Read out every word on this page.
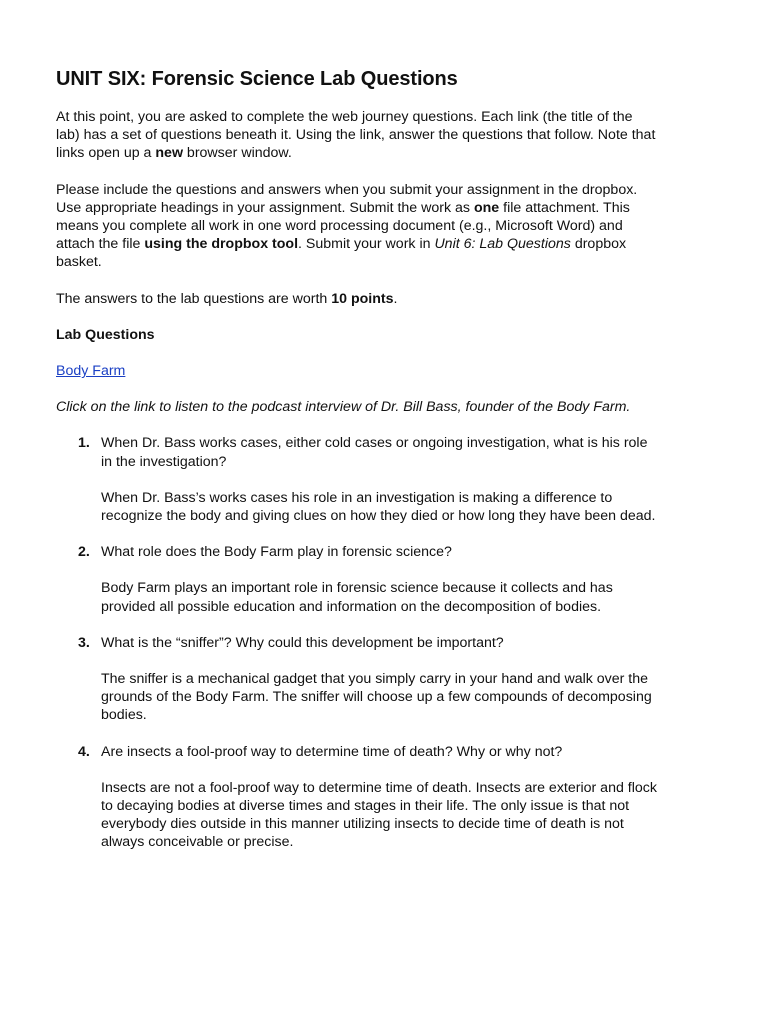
UNIT SIX: Forensic Science Lab Questions

At this point, you are asked to complete the web journey questions. Each link (the title of the lab) has a set of questions beneath it. Using the link, answer the questions that follow. Note that links open up a new browser window.

Please include the questions and answers when you submit your assignment in the dropbox. Use appropriate headings in your assignment. Submit the work as one file attachment. This means you complete all work in one word processing document (e.g., Microsoft Word) and attach the file using the dropbox tool. Submit your work in Unit 6: Lab Questions dropbox basket.

The answers to the lab questions are worth 10 points.

Lab Questions

Body Farm

Click on the link to listen to the podcast interview of Dr. Bill Bass, founder of the Body Farm.

1. When Dr. Bass works cases, either cold cases or ongoing investigation, what is his role in the investigation?

When Dr. Bass’s works cases his role in an investigation is making a difference to recognize the body and giving clues on how they died or how long they have been dead.

2. What role does the Body Farm play in forensic science?

Body Farm plays an important role in forensic science because it collects and has provided all possible education and information on the decomposition of bodies.

3. What is the “sniffer”? Why could this development be important?

The sniffer is a mechanical gadget that you simply carry in your hand and walk over the grounds of the Body Farm. The sniffer will choose up a few compounds of decomposing bodies.

4. Are insects a fool-proof way to determine time of death? Why or why not?

Insects are not a fool-proof way to determine time of death. Insects are exterior and flock to decaying bodies at diverse times and stages in their life. The only issue is that not everybody dies outside in this manner utilizing insects to decide time of death is not always conceivable or precise.
